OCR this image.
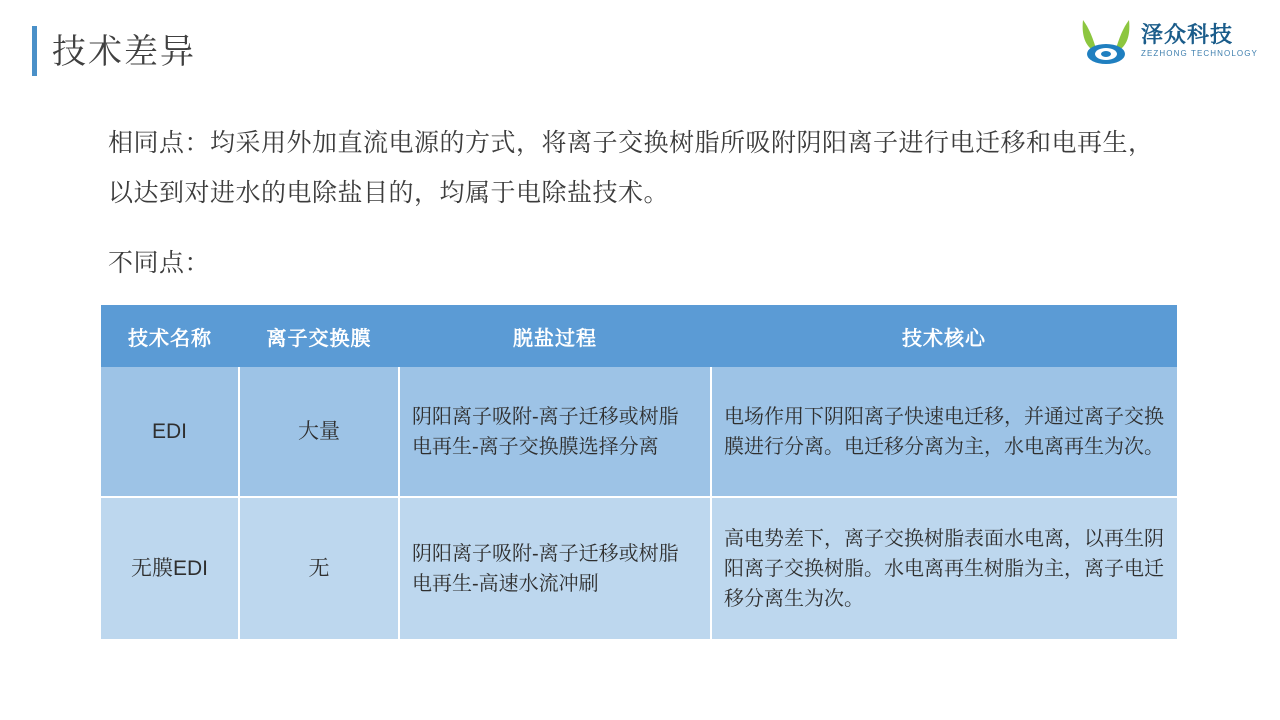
技术差异	泽众科技
ZEZHONG TECHNOLOGY
相同点：均采用外加直流电源的方式，将离子交换树脂所吸附阴阳离子进行电迁移和电再生，以达到对进水的电除盐目的，均属于电除盐技术。
不同点：
技术名称	离子交换膜	脱盐过程	技术核心
EDI	大量	阴阳离子吸附-离子迁移或树脂电再生-离子交换膜选择分离	电场作用下阴阳离子快速电迁移，并通过离子交换膜进行分离。电迁移分离为主，水电离再生为次。
无膜EDI	无	阴阳离子吸附-离子迁移或树脂电再生-高速水流冲刷	高电势差下，离子交换树脂表面水电离，以再生阴阳离子交换树脂。水电离再生树脂为主，离子电迁移分离生为次。
